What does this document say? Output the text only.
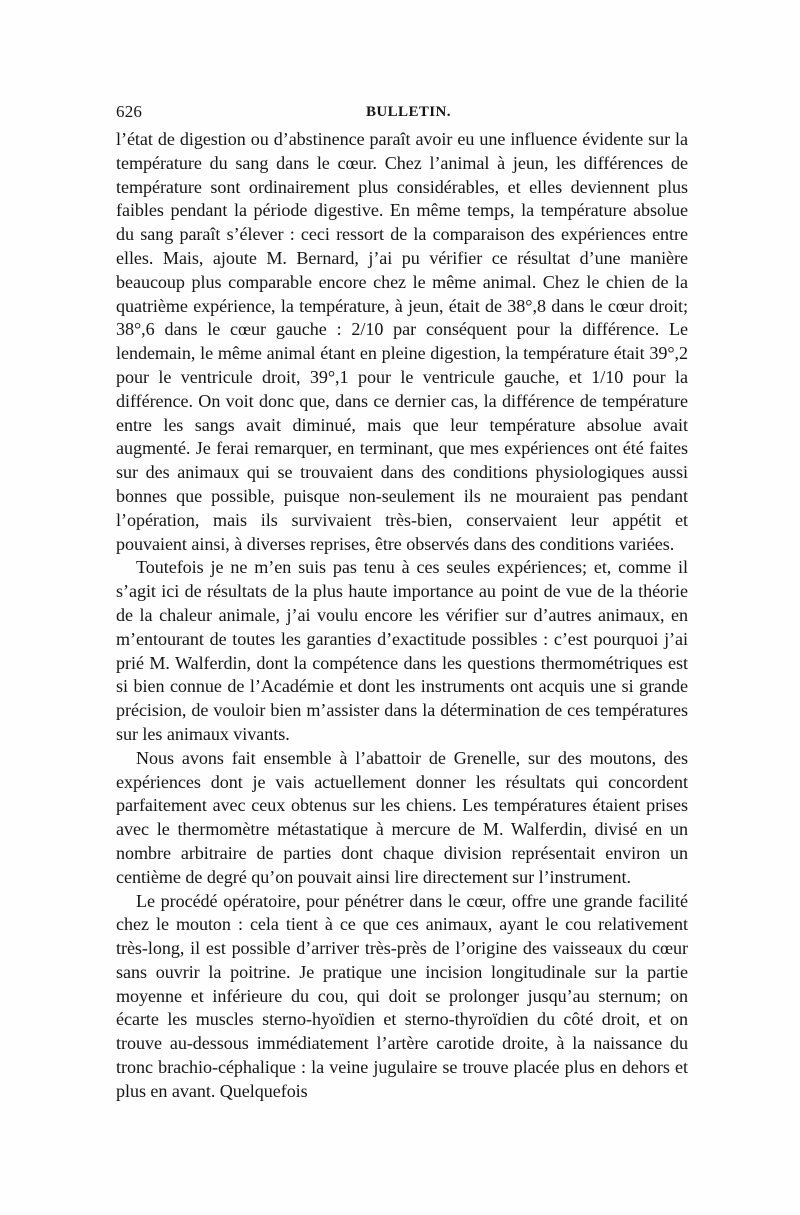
626	BULLETIN.

l’état de digestion ou d’abstinence paraît avoir eu une influence évidente sur la température du sang dans le cœur. Chez l’animal à jeun, les différences de température sont ordinairement plus considérables, et elles deviennent plus faibles pendant la période digestive. En même temps, la température absolue du sang paraît s’élever : ceci ressort de la comparaison des expériences entre elles. Mais, ajoute M. Bernard, j’ai pu vérifier ce résultat d’une manière beaucoup plus comparable encore chez le même animal. Chez le chien de la quatrième expérience, la température, à jeun, était de 38°,8 dans le cœur droit; 38°,6 dans le cœur gauche : 2/10 par conséquent pour la différence. Le lendemain, le même animal étant en pleine digestion, la température était 39°,2 pour le ventricule droit, 39°,1 pour le ventricule gauche, et 1/10 pour la différence. On voit donc que, dans ce dernier cas, la différence de température entre les sangs avait diminué, mais que leur température absolue avait augmenté. Je ferai remarquer, en terminant, que mes expériences ont été faites sur des animaux qui se trouvaient dans des conditions physiologiques aussi bonnes que possible, puisque non-seulement ils ne mouraient pas pendant l’opération, mais ils survivaient très-bien, conservaient leur appétit et pouvaient ainsi, à diverses reprises, être observés dans des conditions variées.

Toutefois je ne m’en suis pas tenu à ces seules expériences; et, comme il s’agit ici de résultats de la plus haute importance au point de vue de la théorie de la chaleur animale, j’ai voulu encore les vérifier sur d’autres animaux, en m’entourant de toutes les garanties d’exactitude possibles : c’est pourquoi j’ai prié M. Walferdin, dont la compétence dans les questions thermométriques est si bien connue de l’Académie et dont les instruments ont acquis une si grande précision, de vouloir bien m’assister dans la détermination de ces températures sur les animaux vivants.

Nous avons fait ensemble à l’abattoir de Grenelle, sur des moutons, des expériences dont je vais actuellement donner les résultats qui concordent parfaitement avec ceux obtenus sur les chiens. Les températures étaient prises avec le thermomètre métastatique à mercure de M. Walferdin, divisé en un nombre arbitraire de parties dont chaque division représentait environ un centième de degré qu’on pouvait ainsi lire directement sur l’instrument.

Le procédé opératoire, pour pénétrer dans le cœur, offre une grande facilité chez le mouton : cela tient à ce que ces animaux, ayant le cou relativement très-long, il est possible d’arriver très-près de l’origine des vaisseaux du cœur sans ouvrir la poitrine. Je pratique une incision longitudinale sur la partie moyenne et inférieure du cou, qui doit se prolonger jusqu’au sternum; on écarte les muscles sterno-hyoïdien et sterno-thyroïdien du côté droit, et on trouve au-dessous immédiatement l’artère carotide droite, à la naissance du tronc brachio-céphalique : la veine jugulaire se trouve placée plus en dehors et plus en avant. Quelquefois
